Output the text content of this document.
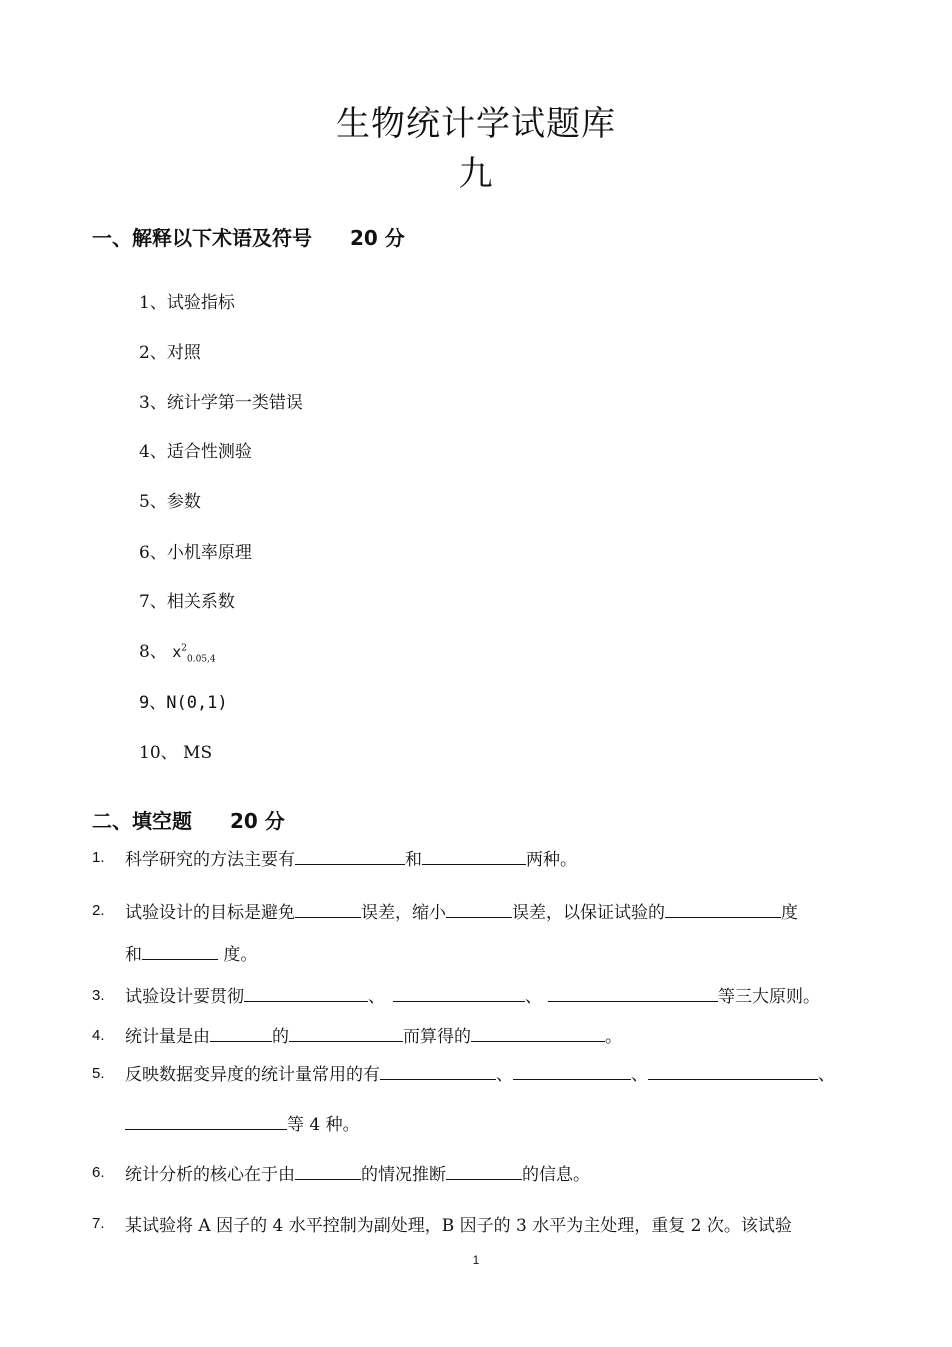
生物统计学试题库
九
一、解释以下术语及符号 20 分
1、试验指标
2、对照
3、统计学第一类错误
4、适合性测验
5、参数
6、小机率原理
7、相关系数
8、 $x^2_{0.05,4}$
9、N(0,1)
10、 MS
二、填空题 20 分
1. 科学研究的方法主要有	和	两种。
2. 试验设计的目标是避免	误差，缩小	误差，以保证试验的	度
和	度。
3. 试验设计要贯彻	、	、	等三大原则。
4. 统计量是由	的	而算得的	。
5. 反映数据变异度的统计量常用的有	、	、	、
等 4 种。
6. 统计分析的核心在于由	的情况推断	的信息。
7. 某试验将 A 因子的 4 水平控制为副处理，B 因子的 3 水平为主处理，重复 2 次。该试验
1
